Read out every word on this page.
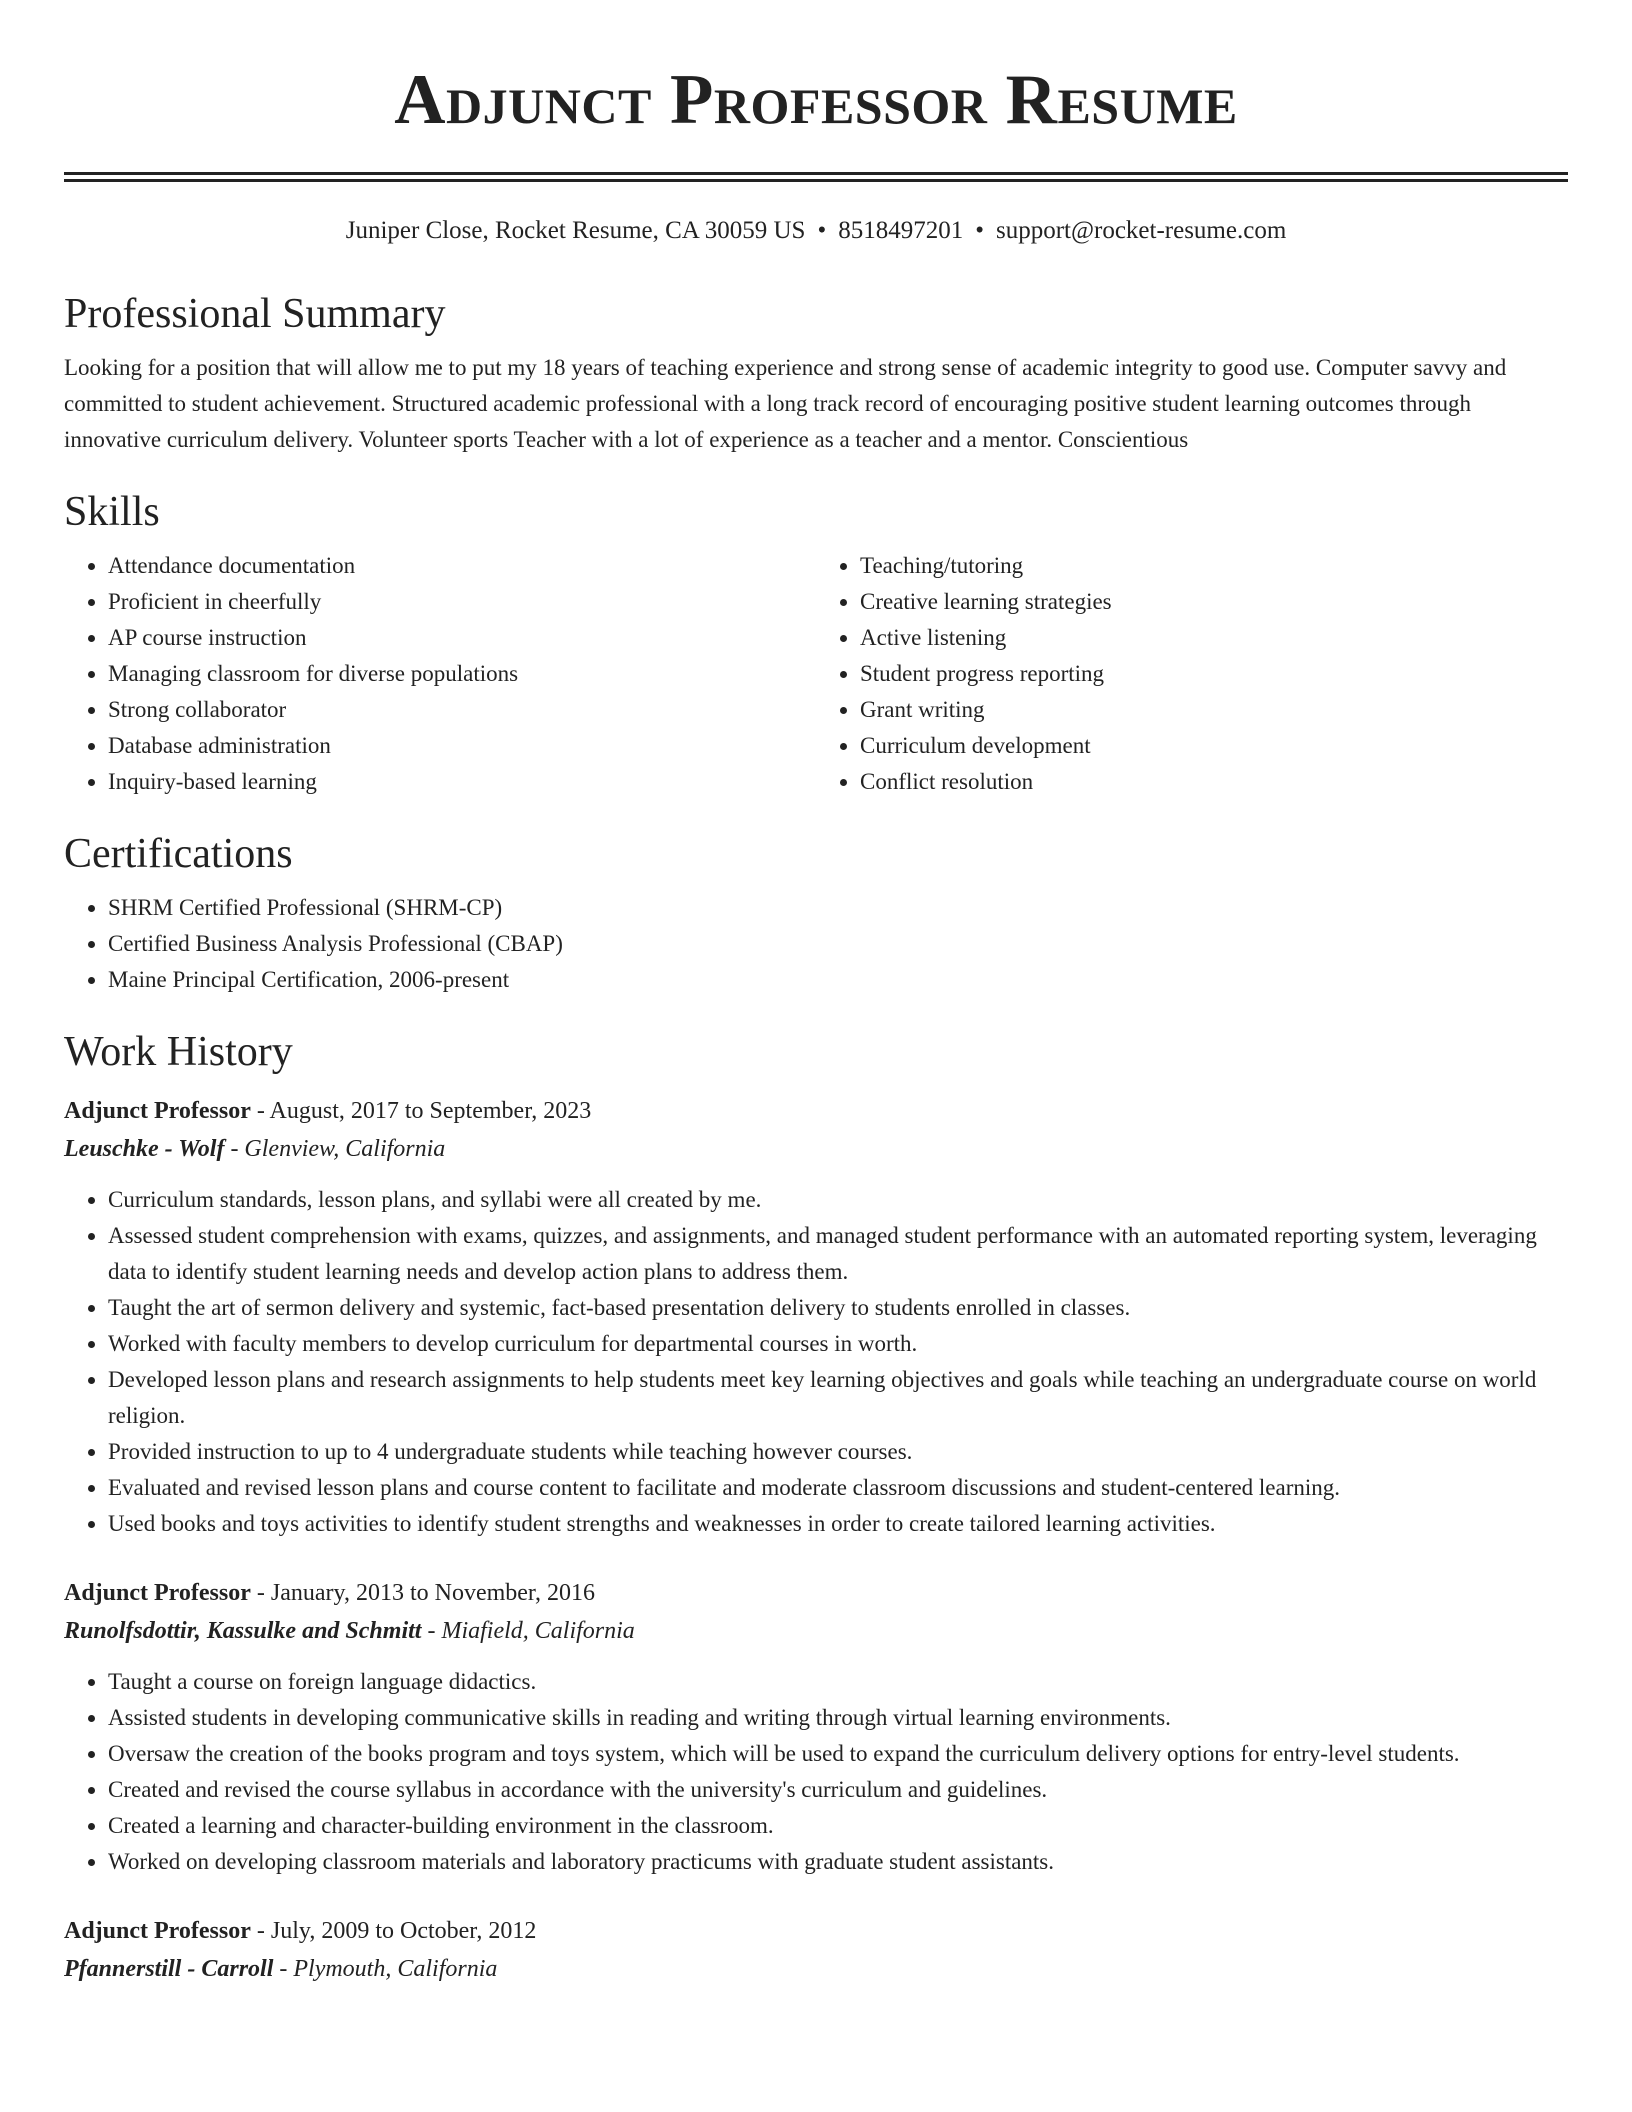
Adjunct Professor Resume
Juniper Close, Rocket Resume, CA 30059 US • 8518497201 • support@rocket-resume.com
Professional Summary

Looking for a position that will allow me to put my 18 years of teaching experience and strong sense of academic integrity to good use. Computer savvy and committed to student achievement. Structured academic professional with a long track record of encouraging positive student learning outcomes through innovative curriculum delivery. Volunteer sports Teacher with a lot of experience as a teacher and a mentor. Conscientious

Skills
• Attendance documentation
• Proficient in cheerfully
• AP course instruction
• Managing classroom for diverse populations
• Strong collaborator
• Database administration
• Inquiry-based learning
• Teaching/tutoring
• Creative learning strategies
• Active listening
• Student progress reporting
• Grant writing
• Curriculum development
• Conflict resolution
Certifications
• SHRM Certified Professional (SHRM-CP)
• Certified Business Analysis Professional (CBAP)
• Maine Principal Certification, 2006-present
Work History
Adjunct Professor - August, 2017 to September, 2023
Leuschke - Wolf - Glenview, California
• Curriculum standards, lesson plans, and syllabi were all created by me.
• Assessed student comprehension with exams, quizzes, and assignments, and managed student performance with an automated reporting system, leveraging data to identify student learning needs and develop action plans to address them.
• Taught the art of sermon delivery and systemic, fact-based presentation delivery to students enrolled in classes.
• Worked with faculty members to develop curriculum for departmental courses in worth.
• Developed lesson plans and research assignments to help students meet key learning objectives and goals while teaching an undergraduate course on world religion.
• Provided instruction to up to 4 undergraduate students while teaching however courses.
• Evaluated and revised lesson plans and course content to facilitate and moderate classroom discussions and student-centered learning.
• Used books and toys activities to identify student strengths and weaknesses in order to create tailored learning activities.
Adjunct Professor - January, 2013 to November, 2016
Runolfsdottir, Kassulke and Schmitt - Miafield, California
• Taught a course on foreign language didactics.
• Assisted students in developing communicative skills in reading and writing through virtual learning environments.
• Oversaw the creation of the books program and toys system, which will be used to expand the curriculum delivery options for entry-level students.
• Created and revised the course syllabus in accordance with the university's curriculum and guidelines.
• Created a learning and character-building environment in the classroom.
• Worked on developing classroom materials and laboratory practicums with graduate student assistants.
Adjunct Professor - July, 2009 to October, 2012
Pfannerstill - Carroll - Plymouth, California
